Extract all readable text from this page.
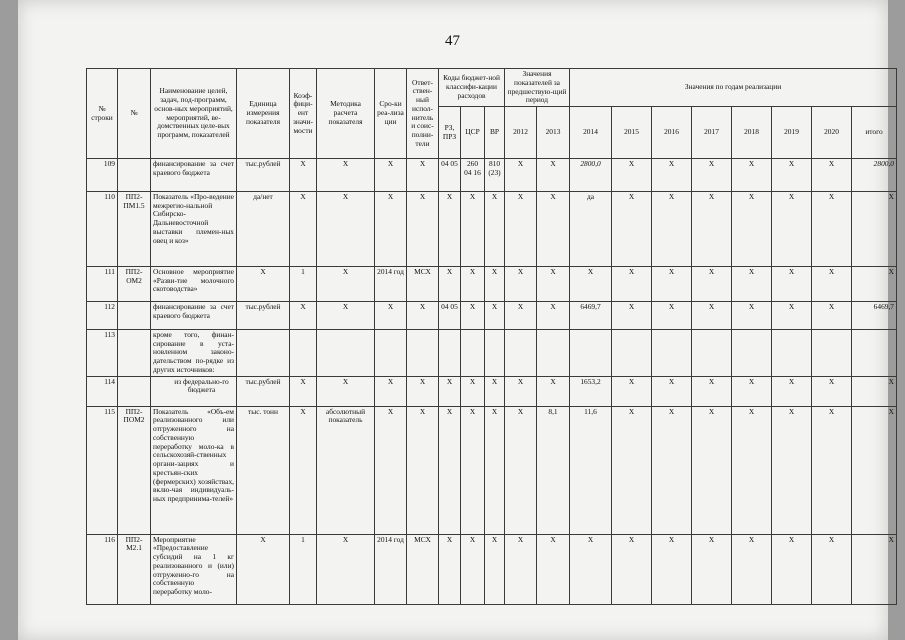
47
№ строки	№	Наименование целей, задач, под-программ, основ-ных мероприятий, мероприятий, ве-домственных целе-вых программ, показателей	Единица измерения показателя	Коэф-фици-ент значи-мости	Методика расчета показателя	Сро-ки реа-лиза ции	Ответ-ствен-ный испол-нитель и соис-полни-тели	Коды бюджет-ной классифи-кации расходов			Значения показателей за предшествую-щий период		Значения по годам реализации							
								РЗ, ПРЗ	ЦСР	ВР	2012	2013	2014	2015	2016	2017	2018	2019	2020	итого
109		финансирование за счет краевого бюджета	тыс.рублей	X	X	X	X	04 05	260 04 16	810 (23)	X	X	2800,0	X	X	X	X	X	X	2800,0
110	ПП2-ПМ1.5	Показатель «Про-ведение межрегио-нальной Сибирско-Дальневосточной выставки племен-ных овец и коз»	да/нет	X	X	X	X	X	X	X	X	X	да	X	X	X	X	X	X	X
111	ПП2-ОМ2	Основное мероприятие «Разви-тие молочного скотоводства»	X	1	X	2014 год	МСХ	X	X	X	X	X	X	X	X	X	X	X	X	X
112		финансирование за счет краевого бюджета	тыс.рублей	X	X	X	X	04 05	X	X	X	X	6469,7	X	X	X	X	X	X	6469,7
113		кроме того, финан-сирование в уста-новленном законо-дательством по-рядке из других источников:																		
114		из федерально-го бюджета	тыс.рублей	X	X	X	X	X	X	X	X	X	1653,2	X	X	X	X	X	X	X
115	ПП2-ПОМ2	Показатель «Объ-ем реализованного или отгруженного на собственную переработку моло-ка в сельскохозяй-ственных органи-зациях и крестьян-ских (фермерских) хозяйствах, вклю-чая индивидуаль-ных предпринима-телей»	тыс. тонн	X	абсолютный показатель	X	X	X	X	X	X	8,1	11,6	X	X	X	X	X	X	X
116	ПП2-М2.1	Мероприятие «Предоставление субсидий на 1 кг реализованного и (или) отгруженно-го на собственную переработку моло-	X	1	X	2014 год	МСХ	X	X	X	X	X	X	X	X	X	X	X	X	X
